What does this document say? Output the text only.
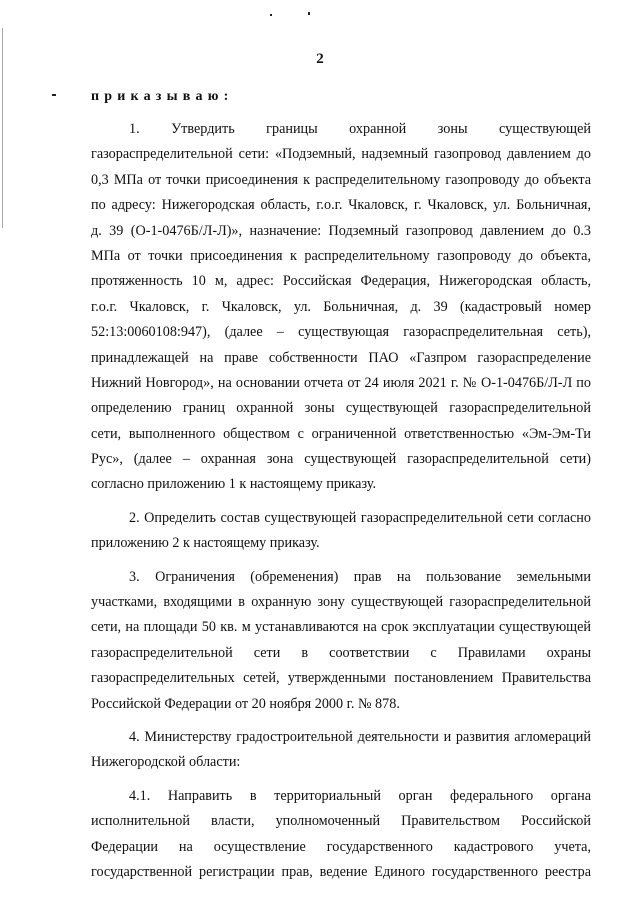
2
приказываю:
1. Утвердить границы охранной зоны существующей
газораспределительной сети: «Подземный, надземный газопровод давлением до
0,3 МПа от точки присоединения к распределительному газопроводу до объекта
по адресу: Нижегородская область, г.о.г. Чкаловск, г. Чкаловск, ул. Больничная,
д. 39 (О-1-0476Б/Л-Л)», назначение: Подземный газопровод давлением до 0.3
МПа от точки присоединения к распределительному газопроводу до объекта,
протяженность 10 м, адрес: Российская Федерация, Нижегородская область,
г.о.г. Чкаловск, г. Чкаловск, ул. Больничная, д. 39 (кадастровый номер
52:13:0060108:947), (далее – существующая газораспределительная сеть),
принадлежащей на праве собственности ПАО «Газпром газораспределение
Нижний Новгород», на основании отчета от 24 июля 2021 г. № О-1-0476Б/Л-Л по
определению границ охранной зоны существующей газораспределительной
сети, выполненного обществом с ограниченной ответственностью «Эм-Эм-Ти
Рус», (далее – охранная зона существующей газораспределительной сети)
согласно приложению 1 к настоящему приказу.
2. Определить состав существующей газораспределительной сети согласно
приложению 2 к настоящему приказу.
3. Ограничения (обременения) прав на пользование земельными
участками, входящими в охранную зону существующей газораспределительной
сети, на площади 50 кв. м устанавливаются на срок эксплуатации существующей
газораспределительной сети в соответствии с Правилами охраны
газораспределительных сетей, утвержденными постановлением Правительства
Российской Федерации от 20 ноября 2000 г. № 878.
4. Министерству градостроительной деятельности и развития агломераций
Нижегородской области:
4.1. Направить в территориальный орган федерального органа
исполнительной власти, уполномоченный Правительством Российской
Федерации на осуществление государственного кадастрового учета,
государственной регистрации прав, ведение Единого государственного реестра
